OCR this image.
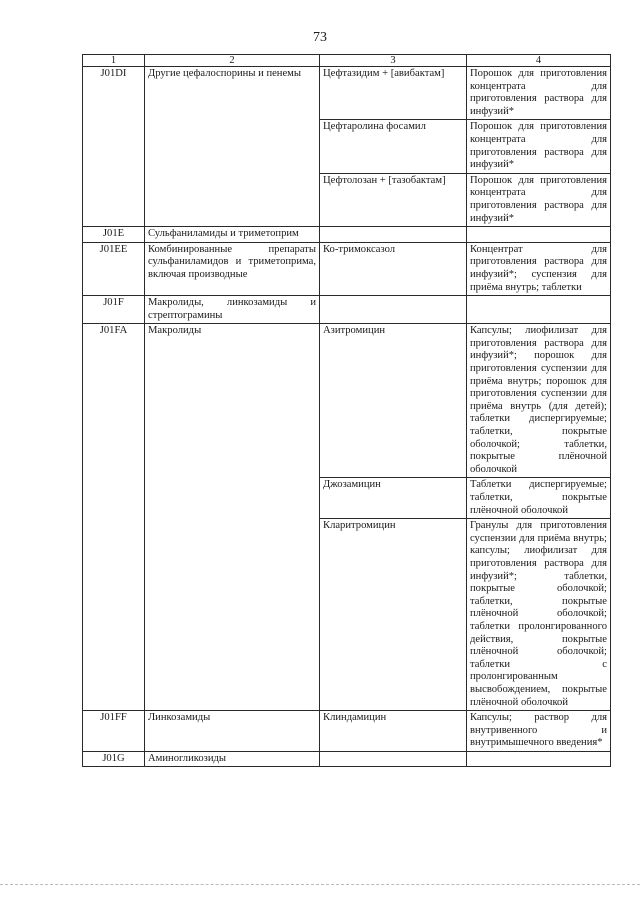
73
1	2	3	4
J01DI	Другие цефалоспорины и пенемы	Цефтазидим + [авибактам]	Порошок для приготовления концентрата для приготовления раствора для инфузий*
		Цефтаролина фосамил	Порошок для приготовления концентрата для приготовления раствора для инфузий*
		Цефтолозан + [тазобактам]	Порошок для приготовления концентрата для приготовления раствора для инфузий*
J01E	Сульфаниламиды и триметоприм		
J01EE	Комбинированные препараты сульфаниламидов и триметоприма, включая производные	Ко-тримоксазол	Концентрат для приготовления раствора для инфузий*; суспензия для приёма внутрь; таблетки
J01F	Макролиды, линкозамиды и стрептограмины		
J01FA	Макролиды	Азитромицин	Капсулы; лиофилизат для приготовления раствора для инфузий*; порошок для приготовления суспензии для приёма внутрь; порошок для приготовления суспензии для приёма внутрь (для детей); таблетки диспергируемые; таблетки, покрытые оболочкой; таблетки, покрытые плёночной оболочкой
		Джозамицин	Таблетки диспергируемые; таблетки, покрытые плёночной оболочкой
		Кларитромицин	Гранулы для приготовления суспензии для приёма внутрь; капсулы; лиофилизат для приготовления раствора для инфузий*; таблетки, покрытые оболочкой; таблетки, покрытые плёночной оболочкой; таблетки пролонгированного действия, покрытые плёночной оболочкой; таблетки с пролонгированным высвобождением, покрытые плёночной оболочкой
J01FF	Линкозамиды	Клиндамицин	Капсулы; раствор для внутривенного и внутримышечного введения*
J01G	Аминогликозиды		
